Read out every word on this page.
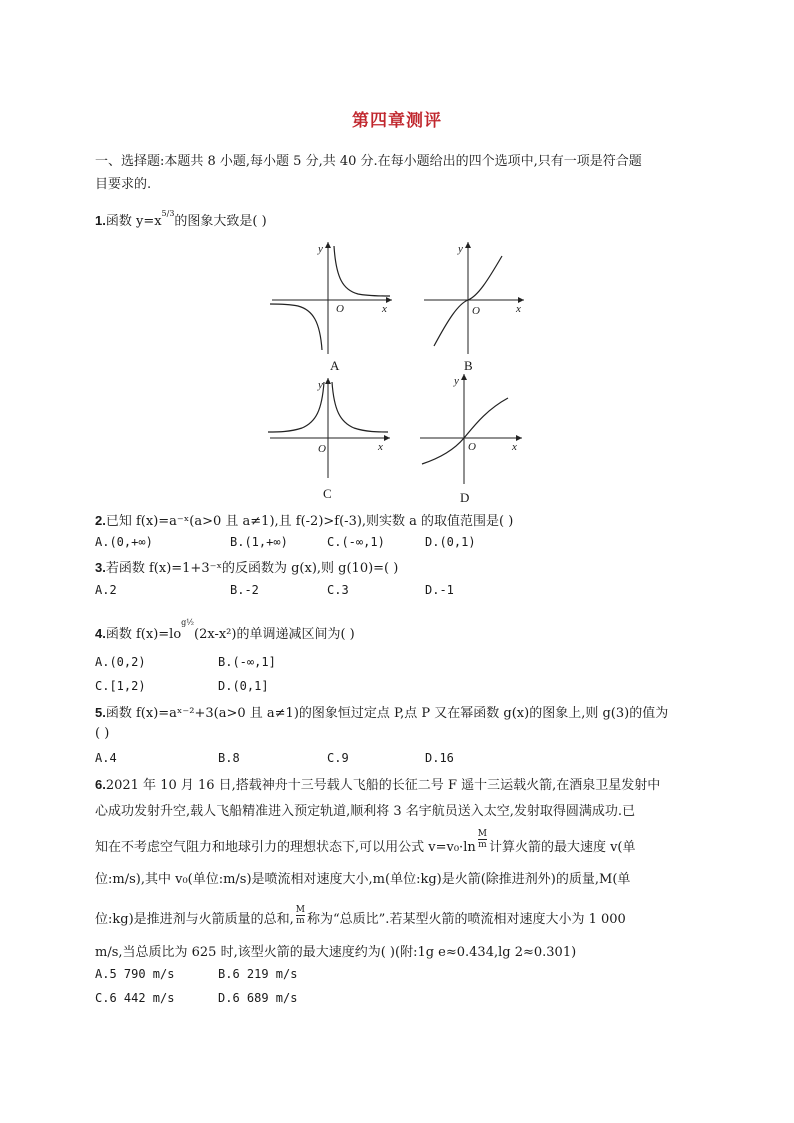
第四章测评
一、选择题:本题共 8 小题,每小题 5 分,共 40 分.在每小题给出的四个选项中,只有一项是符合题
目要求的.
1.函数 $y=x^{5/3}$的图象大致是( )
y
x
O
A
y
x
O
B
y
x
O
C
y
x
O
D
2.已知 f(x)=a⁻ˣ(a>0 且 a≠1),且 f(-2)>f(-3),则实数 a 的取值范围是( )
A.(0,+∞)	B.(1,+∞)	C.(-∞,1)	D.(0,1)
3.若函数 f(x)=1+3⁻ˣ的反函数为 g(x),则 g(10)=( )
A.2	B.-2	C.3	D.-1
4.函数 $f(x)=lo^{g\frac{1}{2}}(2x-x^2)$的单调递减区间为( )
A.(0,2)	B.(-∞,1]
C.[1,2)	D.(0,1]
5.函数 f(x)=aˣ⁻²+3(a>0 且 a≠1)的图象恒过定点 P,点 P 又在幂函数 g(x)的图象上,则 g(3)的值为
( )
A.4	B.8	C.9	D.16
6.2021 年 10 月 16 日,搭载神舟十三号载人飞船的长征二号 F 遥十三运载火箭,在酒泉卫星发射中
心成功发射升空,载人飞船精准进入预定轨道,顺利将 3 名宇航员送入太空,发射取得圆满成功.已
知在不考虑空气阻力和地球引力的理想状态下,可以用公式 $v=v_0\cdot\ln \frac{M}{m}$ 计算火箭的最大速度 v(单
位:m/s),其中 v₀(单位:m/s)是喷流相对速度大小,m(单位:kg)是火箭(除推进剂外)的质量,M(单
位:kg)是推进剂与火箭质量的总和, $\frac{M}{m}$ 称为“总质比”.若某型火箭的喷流相对速度大小为 1 000
m/s,当总质比为 625 时,该型火箭的最大速度约为( )(附:1g e≈0.434,lg 2≈0.301)
A.5 790 m/s	B.6 219 m/s
C.6 442 m/s	D.6 689 m/s
